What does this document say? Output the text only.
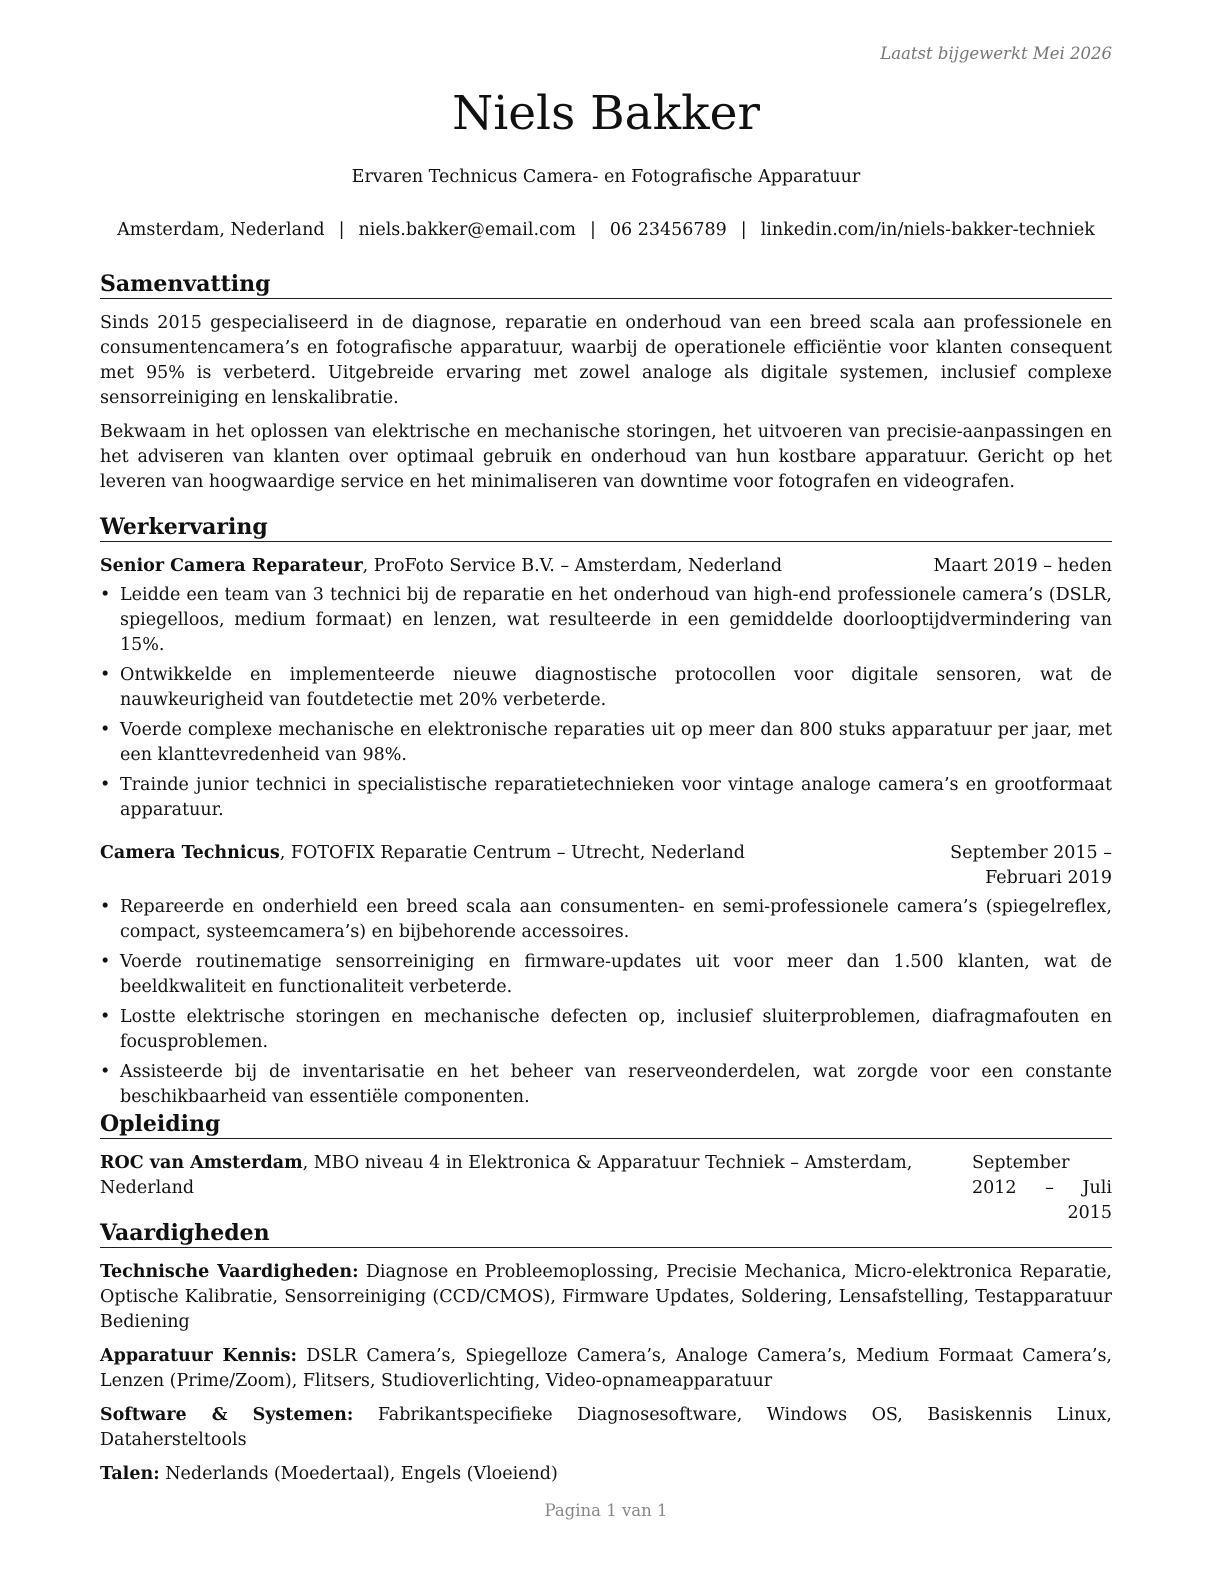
Laatst bijgewerkt Mei 2026
Niels Bakker
Ervaren Technicus Camera- en Fotografische Apparatuur
Amsterdam, Nederland | niels.bakker@email.com | 06 23456789 | linkedin.com/in/niels-bakker-techniek
Samenvatting

Sinds 2015 gespecialiseerd in de diagnose, reparatie en onderhoud van een breed scala aan professionele en consumentencamera’s en fotografische apparatuur, waarbij de operationele efficiëntie voor klanten consequent met 95% is verbeterd. Uitgebreide ervaring met zowel analoge als digitale systemen, inclusief complexe sensorreiniging en lenskalibratie.

Bekwaam in het oplossen van elektrische en mechanische storingen, het uitvoeren van precisie-aanpassingen en het adviseren van klanten over optimaal gebruik en onderhoud van hun kostbare apparatuur. Gericht op het leveren van hoogwaardige service en het minimaliseren van downtime voor fotografen en videografen.

Werkervaring
Senior Camera Reparateur, ProFoto Service B.V. – Amsterdam, Nederland	Maart 2019 – heden
• Leidde een team van 3 technici bij de reparatie en het onderhoud van high-end professionele camera’s (DSLR, spiegelloos, medium formaat) en lenzen, wat resulteerde in een gemiddelde doorlooptijdvermindering van 15%.
• Ontwikkelde en implementeerde nieuwe diagnostische protocollen voor digitale sensoren, wat de nauwkeurigheid van foutdetectie met 20% verbeterde.
• Voerde complexe mechanische en elektronische reparaties uit op meer dan 800 stuks apparatuur per jaar, met een klanttevredenheid van 98%.
• Trainde junior technici in specialistische reparatietechnieken voor vintage analoge camera’s en grootformaat apparatuur.
Camera Technicus, FOTOFIX Reparatie Centrum – Utrecht, Nederland	September 2015 – Februari 2019
• Repareerde en onderhield een breed scala aan consumenten- en semi-professionele camera’s (spiegelreflex, compact, systeemcamera’s) en bijbehorende accessoires.
• Voerde routinematige sensorreiniging en firmware-updates uit voor meer dan 1.500 klanten, wat de beeldkwaliteit en functionaliteit verbeterde.
• Lostte elektrische storingen en mechanische defecten op, inclusief sluiterproblemen, diafragmafouten en focusproblemen.
• Assisteerde bij de inventarisatie en het beheer van reserveonderdelen, wat zorgde voor een constante beschikbaarheid van essentiële componenten.
Opleiding
ROC van Amsterdam, MBO niveau 4 in Elektronica & Apparatuur Techniek – Amsterdam, Nederland
September 2012 – Juli 2015
Vaardigheden
Technische Vaardigheden: Diagnose en Probleemoplossing, Precisie Mechanica, Micro-elektronica Reparatie, Optische Kalibratie, Sensorreiniging (CCD/CMOS), Firmware Updates, Soldering, Lensafstelling, Testapparatuur Bediening
Apparatuur Kennis: DSLR Camera’s, Spiegelloze Camera’s, Analoge Camera’s, Medium Formaat Camera’s, Lenzen (Prime/Zoom), Flitsers, Studioverlichting, Video-opnameapparatuur
Software & Systemen: Fabrikantspecifieke Diagnosesoftware, Windows OS, Basiskennis Linux, Datahersteltools
Talen: Nederlands (Moedertaal), Engels (Vloeiend)
Pagina 1 van 1
